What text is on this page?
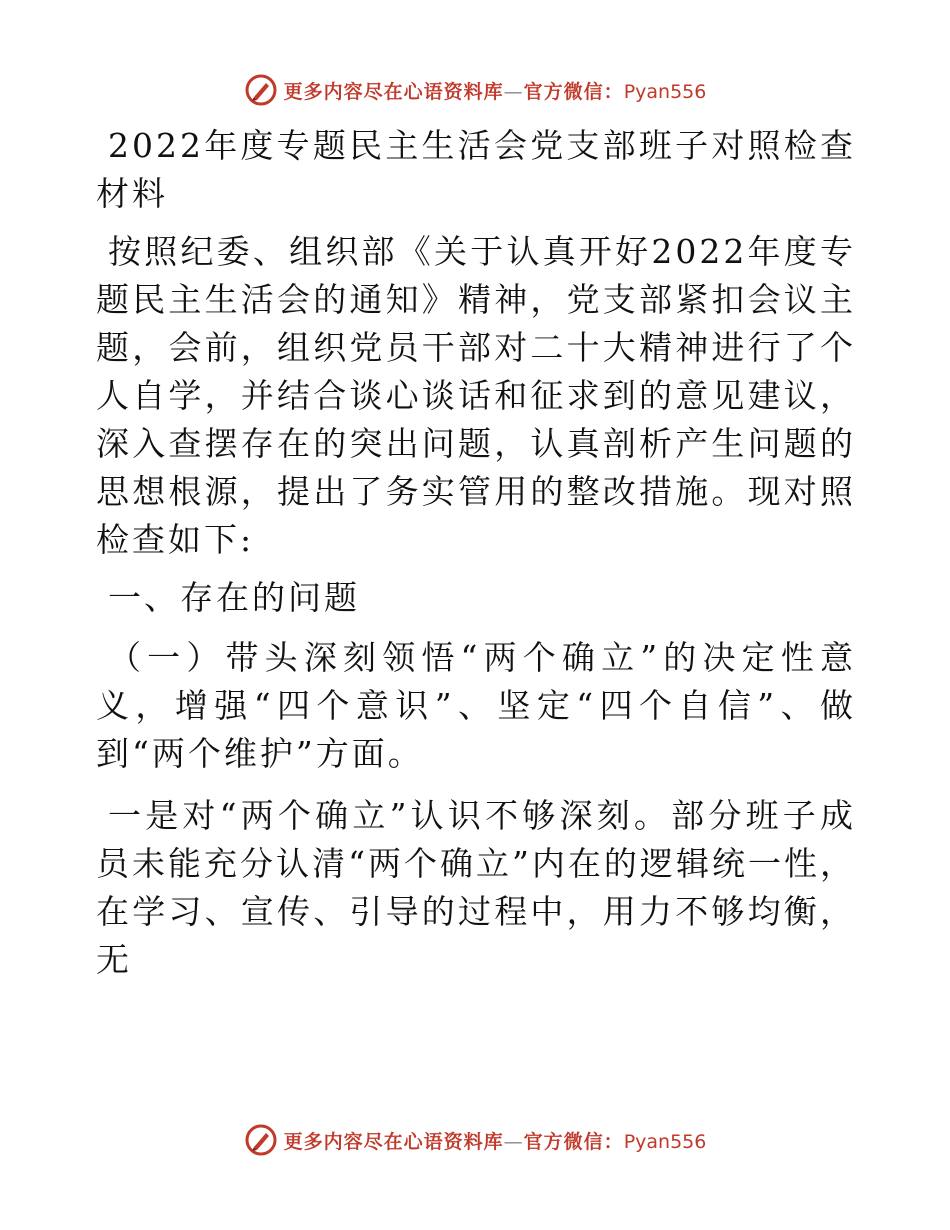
更多内容尽在心语资料库—官方微信：Pyan556

2022年度专题民主生活会党支部班子对照检查材料

按照纪委、组织部《关于认真开好2022年度专题民主生活会的通知》精神，党支部紧扣会议主题，会前，组织党员干部对二十大精神进行了个人自学，并结合谈心谈话和征求到的意见建议，深入查摆存在的突出问题，认真剖析产生问题的思想根源，提出了务实管用的整改措施。现对照检查如下:

一、存在的问题

（一）带头深刻领悟“两个确立”的决定性意义，增强“四个意识”、坚定“四个自信”、做到“两个维护”方面。

一是对“两个确立”认识不够深刻。部分班子成员未能充分认清“两个确立”内在的逻辑统一性，在学习、宣传、引导的过程中，用力不够均衡，无

更多内容尽在心语资料库—官方微信：Pyan556
